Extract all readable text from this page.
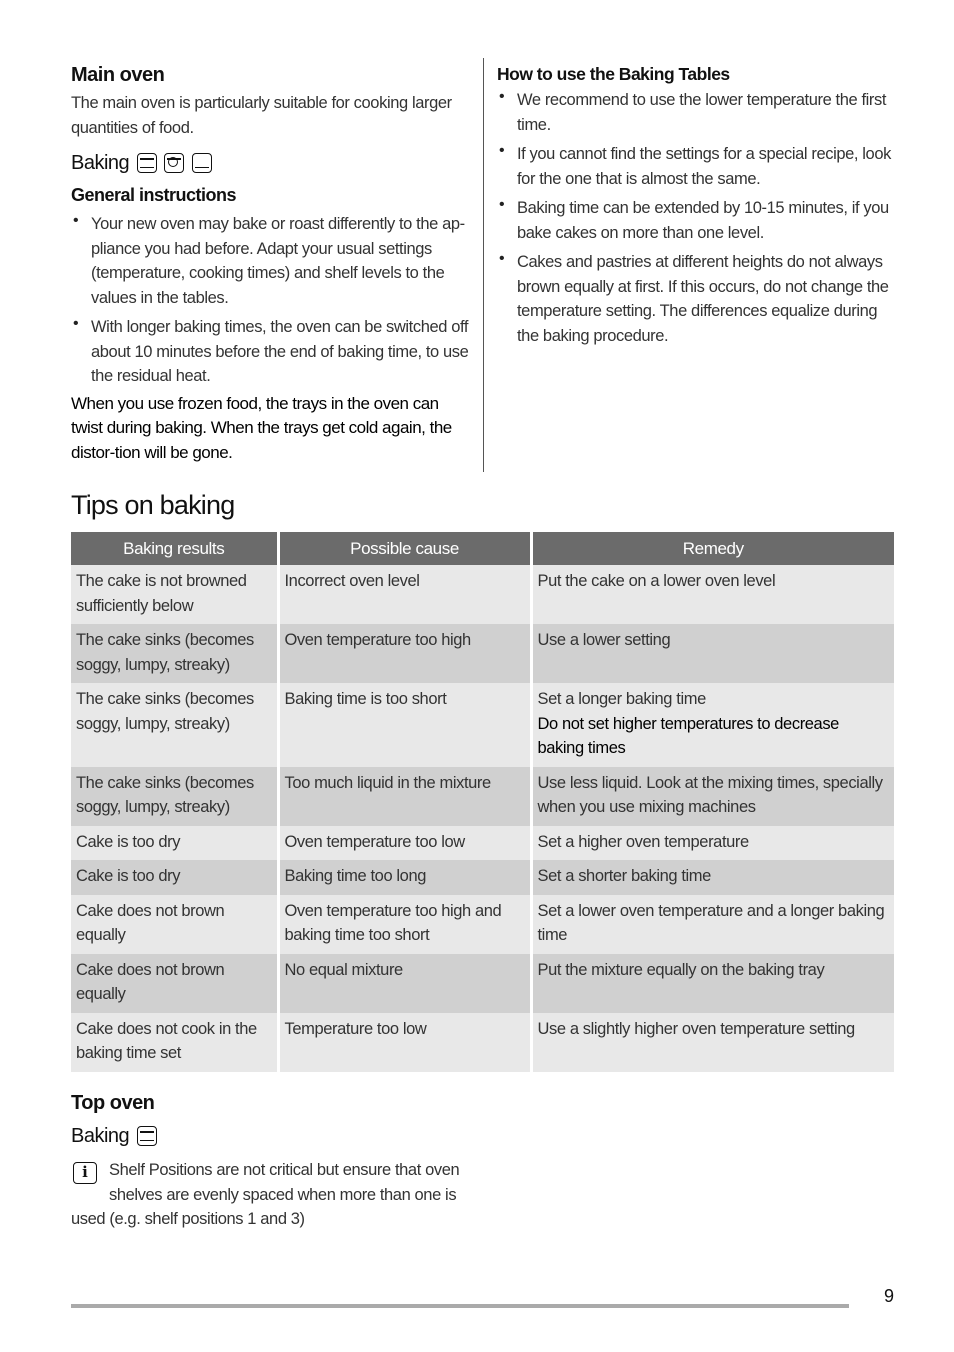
Main oven

The main oven is particularly suitable for cooking larger quantities of food.

Baking
General instructions
• Your new oven may bake or roast differently to the ap-pliance you had before. Adapt your usual settings (temperature, cooking times) and shelf levels to the values in the tables.
• With longer baking times, the oven can be switched off about 10 minutes before the end of baking time, to use the residual heat.

When you use frozen food, the trays in the oven can twist during baking. When the trays get cold again, the distor-tion will be gone.

How to use the Baking Tables
• We recommend to use the lower temperature the first time.
• If you cannot find the settings for a special recipe, look for the one that is almost the same.
• Baking time can be extended by 10-15 minutes, if you bake cakes on more than one level.
• Cakes and pastries at different heights do not always brown equally at first. If this occurs, do not change the temperature setting. The differences equalize during the baking procedure.
Tips on baking
Baking results	Possible cause	Remedy
The cake is not browned sufficiently below	Incorrect oven level	Put the cake on a lower oven level
The cake sinks (becomes soggy, lumpy, streaky)	Oven temperature too high	Use a lower setting
The cake sinks (becomes soggy, lumpy, streaky)	Baking time is too short	Set a longer baking time
Do not set higher temperatures to decrease baking times

The cake sinks (becomes soggy, lumpy, streaky)	Too much liquid in the mixture	Use less liquid. Look at the mixing times, specially when you use mixing machines
Cake is too dry	Oven temperature too low	Set a higher oven temperature
Cake is too dry	Baking time too long	Set a shorter baking time
Cake does not brown equally	Oven temperature too high and baking time too short	Set a lower oven temperature and a longer baking time
Cake does not brown equally	No equal mixture	Put the mixture equally on the baking tray
Cake does not cook in the baking time set	Temperature too low	Use a slightly higher oven temperature setting
Top oven
Baking
i	Shelf Positions are not critical but ensure that oven shelves are evenly spaced when more than one is used (e.g. shelf positions 1 and 3)

9
